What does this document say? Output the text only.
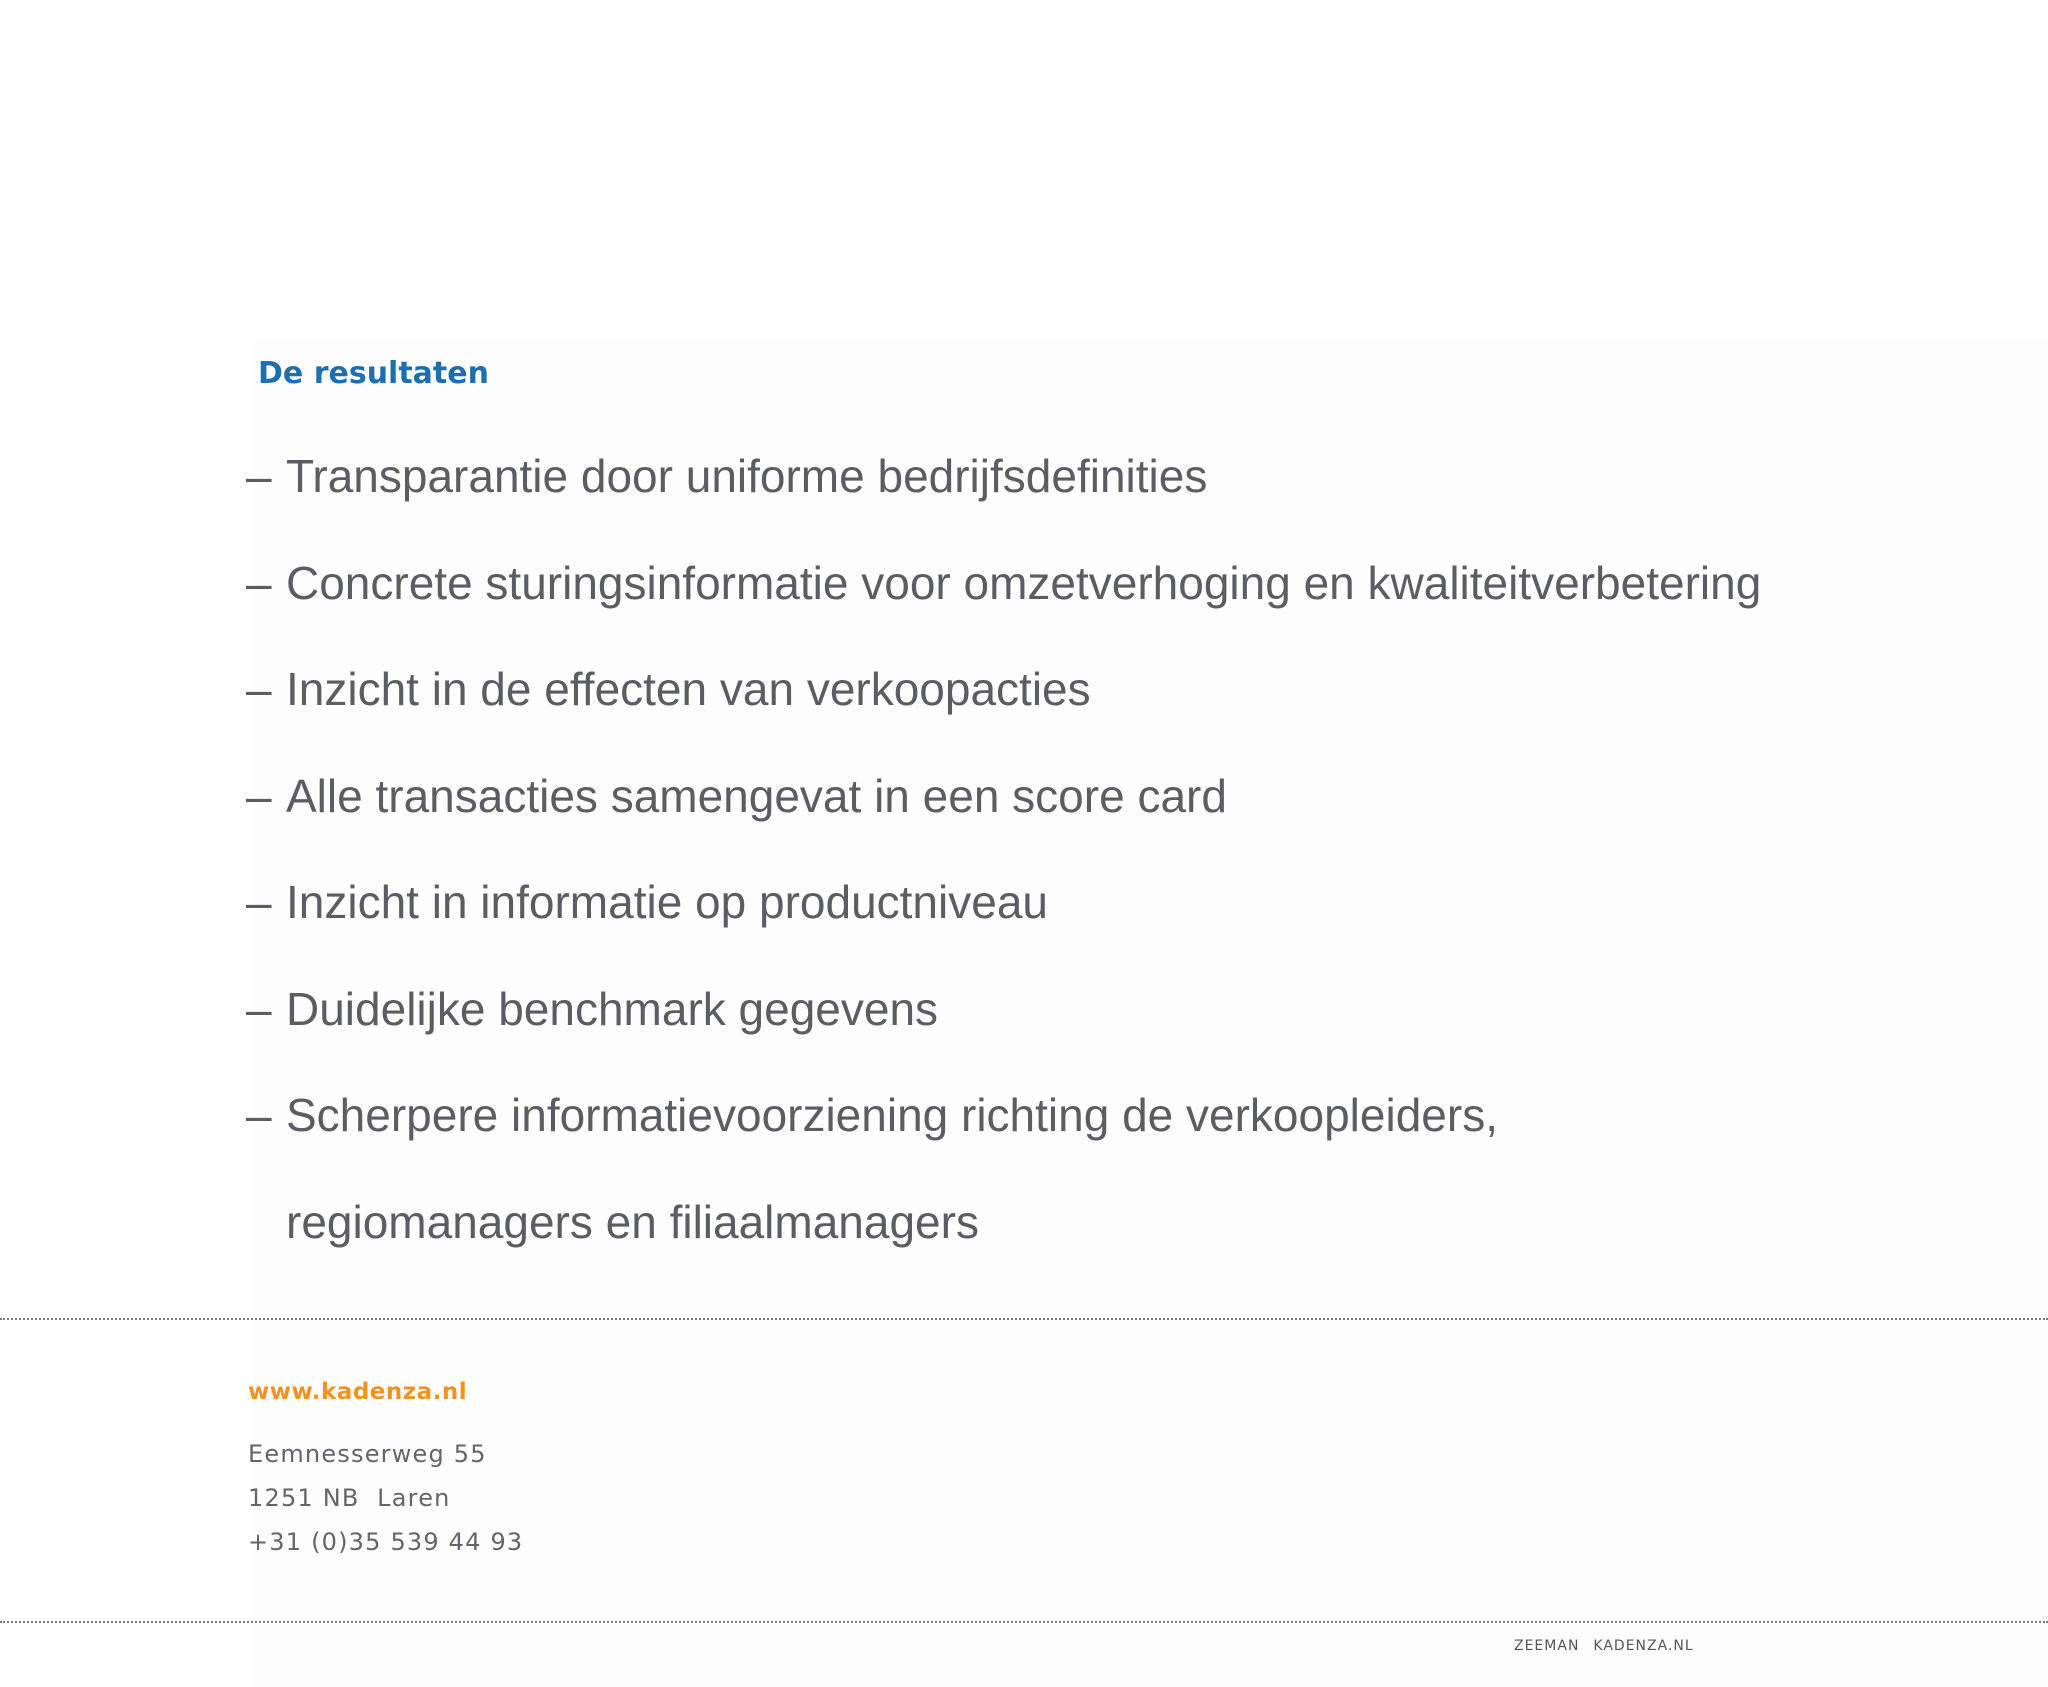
De resultaten
– Transparantie door uniforme bedrijfsdefinities
– Concrete sturingsinformatie voor omzetverhoging en kwaliteitverbetering
– Inzicht in de effecten van verkoopacties
– Alle transacties samengevat in een score card
– Inzicht in informatie op productniveau
– Duidelijke benchmark gegevens
– Scherpere informatievoorziening richting de verkoopleiders,
regiomanagers en filiaalmanagers
www.kadenza.nl
Eemnesserweg 55
1251 NB  Laren
+31 (0)35 539 44 93
ZEEMAN KADENZA.NL
